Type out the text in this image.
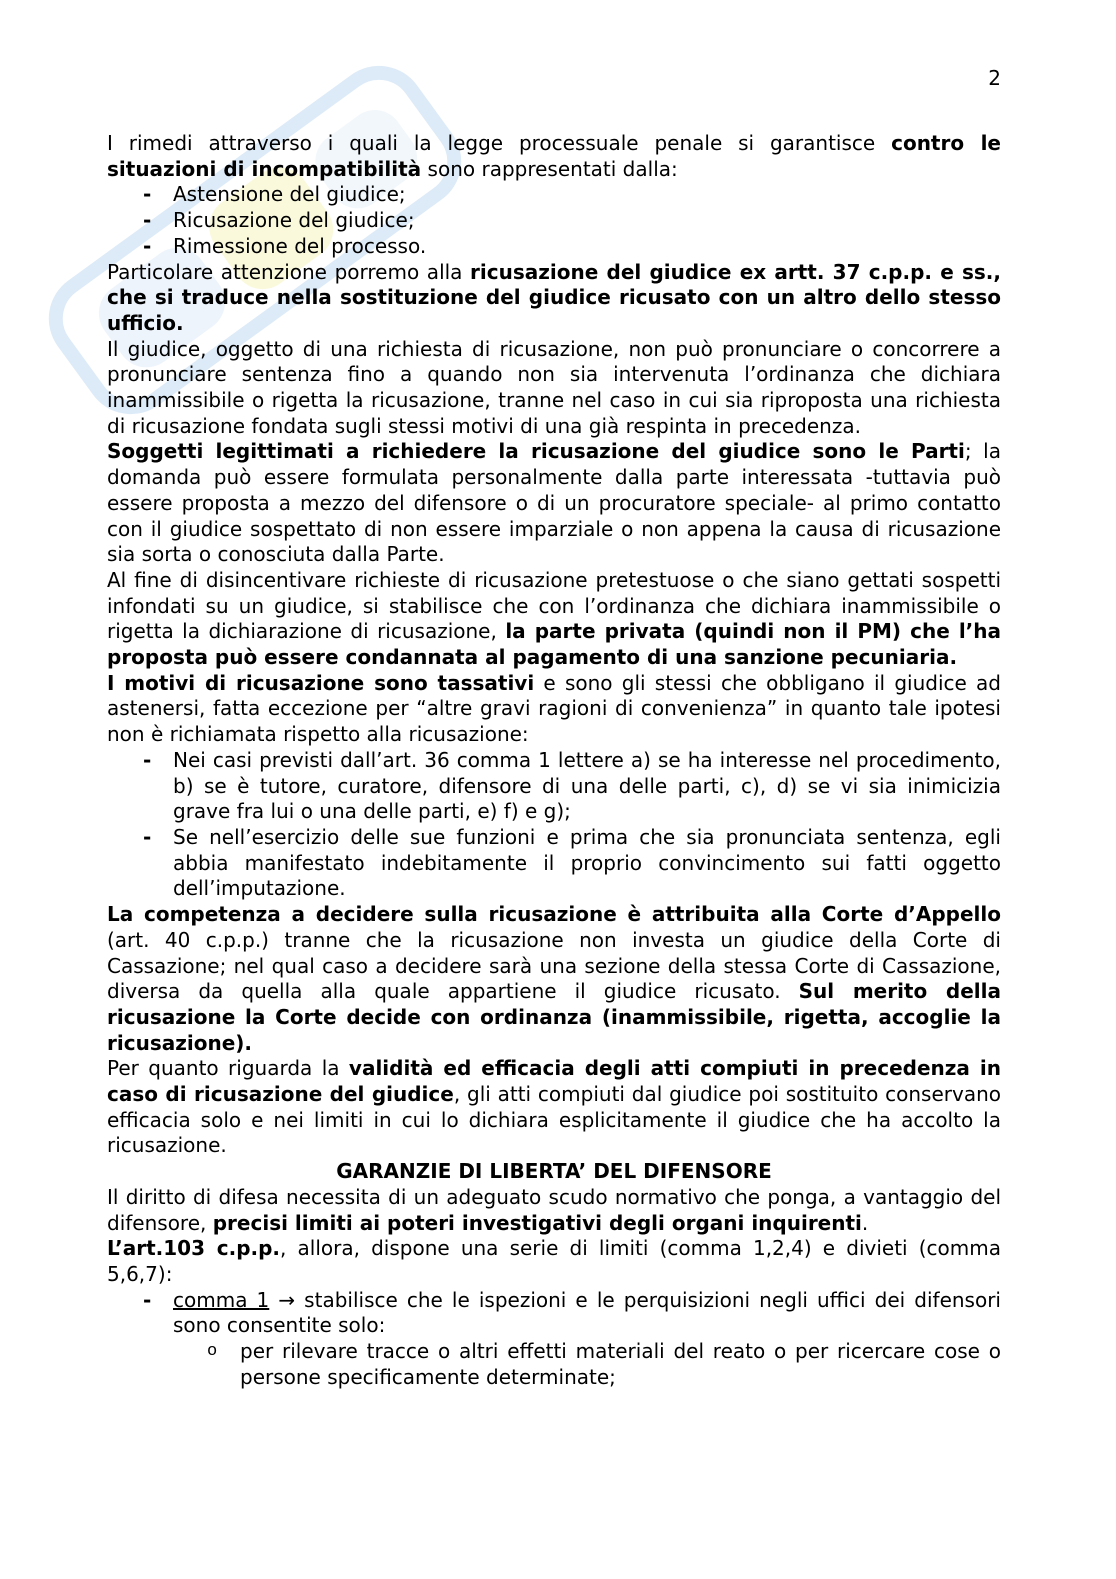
2

I rimedi attraverso i quali la legge processuale penale si garantisce contro le situazioni di incompatibilità sono rappresentati dalla:

- Astensione del giudice;
- Ricusazione del giudice;
- Rimessione del processo.

Particolare attenzione porremo alla ricusazione del giudice ex artt. 37 c.p.p. e ss., che si traduce nella sostituzione del giudice ricusato con un altro dello stesso ufficio.

Il giudice, oggetto di una richiesta di ricusazione, non può pronunciare o concorrere a pronunciare sentenza fino a quando non sia intervenuta l’ordinanza che dichiara inammissibile o rigetta la ricusazione, tranne nel caso in cui sia riproposta una richiesta di ricusazione fondata sugli stessi motivi di una già respinta in precedenza.

Soggetti legittimati a richiedere la ricusazione del giudice sono le Parti; la domanda può essere formulata personalmente dalla parte interessata -tuttavia può essere proposta a mezzo del difensore o di un procuratore speciale- al primo contatto con il giudice sospettato di non essere imparziale o non appena la causa di ricusazione sia sorta o conosciuta dalla Parte.

Al fine di disincentivare richieste di ricusazione pretestuose o che siano gettati sospetti infondati su un giudice, si stabilisce che con l’ordinanza che dichiara inammissibile o rigetta la dichiarazione di ricusazione, la parte privata (quindi non il PM) che l’ha proposta può essere condannata al pagamento di una sanzione pecuniaria.

I motivi di ricusazione sono tassativi e sono gli stessi che obbligano il giudice ad astenersi, fatta eccezione per “altre gravi ragioni di convenienza” in quanto tale ipotesi non è richiamata rispetto alla ricusazione:

- Nei casi previsti dall’art. 36 comma 1 lettere a) se ha interesse nel procedimento, b) se è tutore, curatore, difensore di una delle parti, c), d) se vi sia inimicizia grave fra lui o una delle parti, e) f) e g);
- Se nell’esercizio delle sue funzioni e prima che sia pronunciata sentenza, egli abbia manifestato indebitamente il proprio convincimento sui fatti oggetto dell’imputazione.

La competenza a decidere sulla ricusazione è attribuita alla Corte d’Appello (art. 40 c.p.p.) tranne che la ricusazione non investa un giudice della Corte di Cassazione; nel qual caso a decidere sarà una sezione della stessa Corte di Cassazione, diversa da quella alla quale appartiene il giudice ricusato. Sul merito della ricusazione la Corte decide con ordinanza (inammissibile, rigetta, accoglie la ricusazione).

Per quanto riguarda la validità ed efficacia degli atti compiuti in precedenza in caso di ricusazione del giudice, gli atti compiuti dal giudice poi sostituito conservano efficacia solo e nei limiti in cui lo dichiara esplicitamente il giudice che ha accolto la ricusazione.

GARANZIE DI LIBERTA’ DEL DIFENSORE

Il diritto di difesa necessita di un adeguato scudo normativo che ponga, a vantaggio del difensore, precisi limiti ai poteri investigativi degli organi inquirenti.

L’art.103 c.p.p., allora, dispone una serie di limiti (comma 1,2,4) e divieti (comma 5,6,7):

- comma 1 → stabilisce che le ispezioni e le perquisizioni negli uffici dei difensori sono consentite solo:
o per rilevare tracce o altri effetti materiali del reato o per ricercare cose o persone specificamente determinate;
